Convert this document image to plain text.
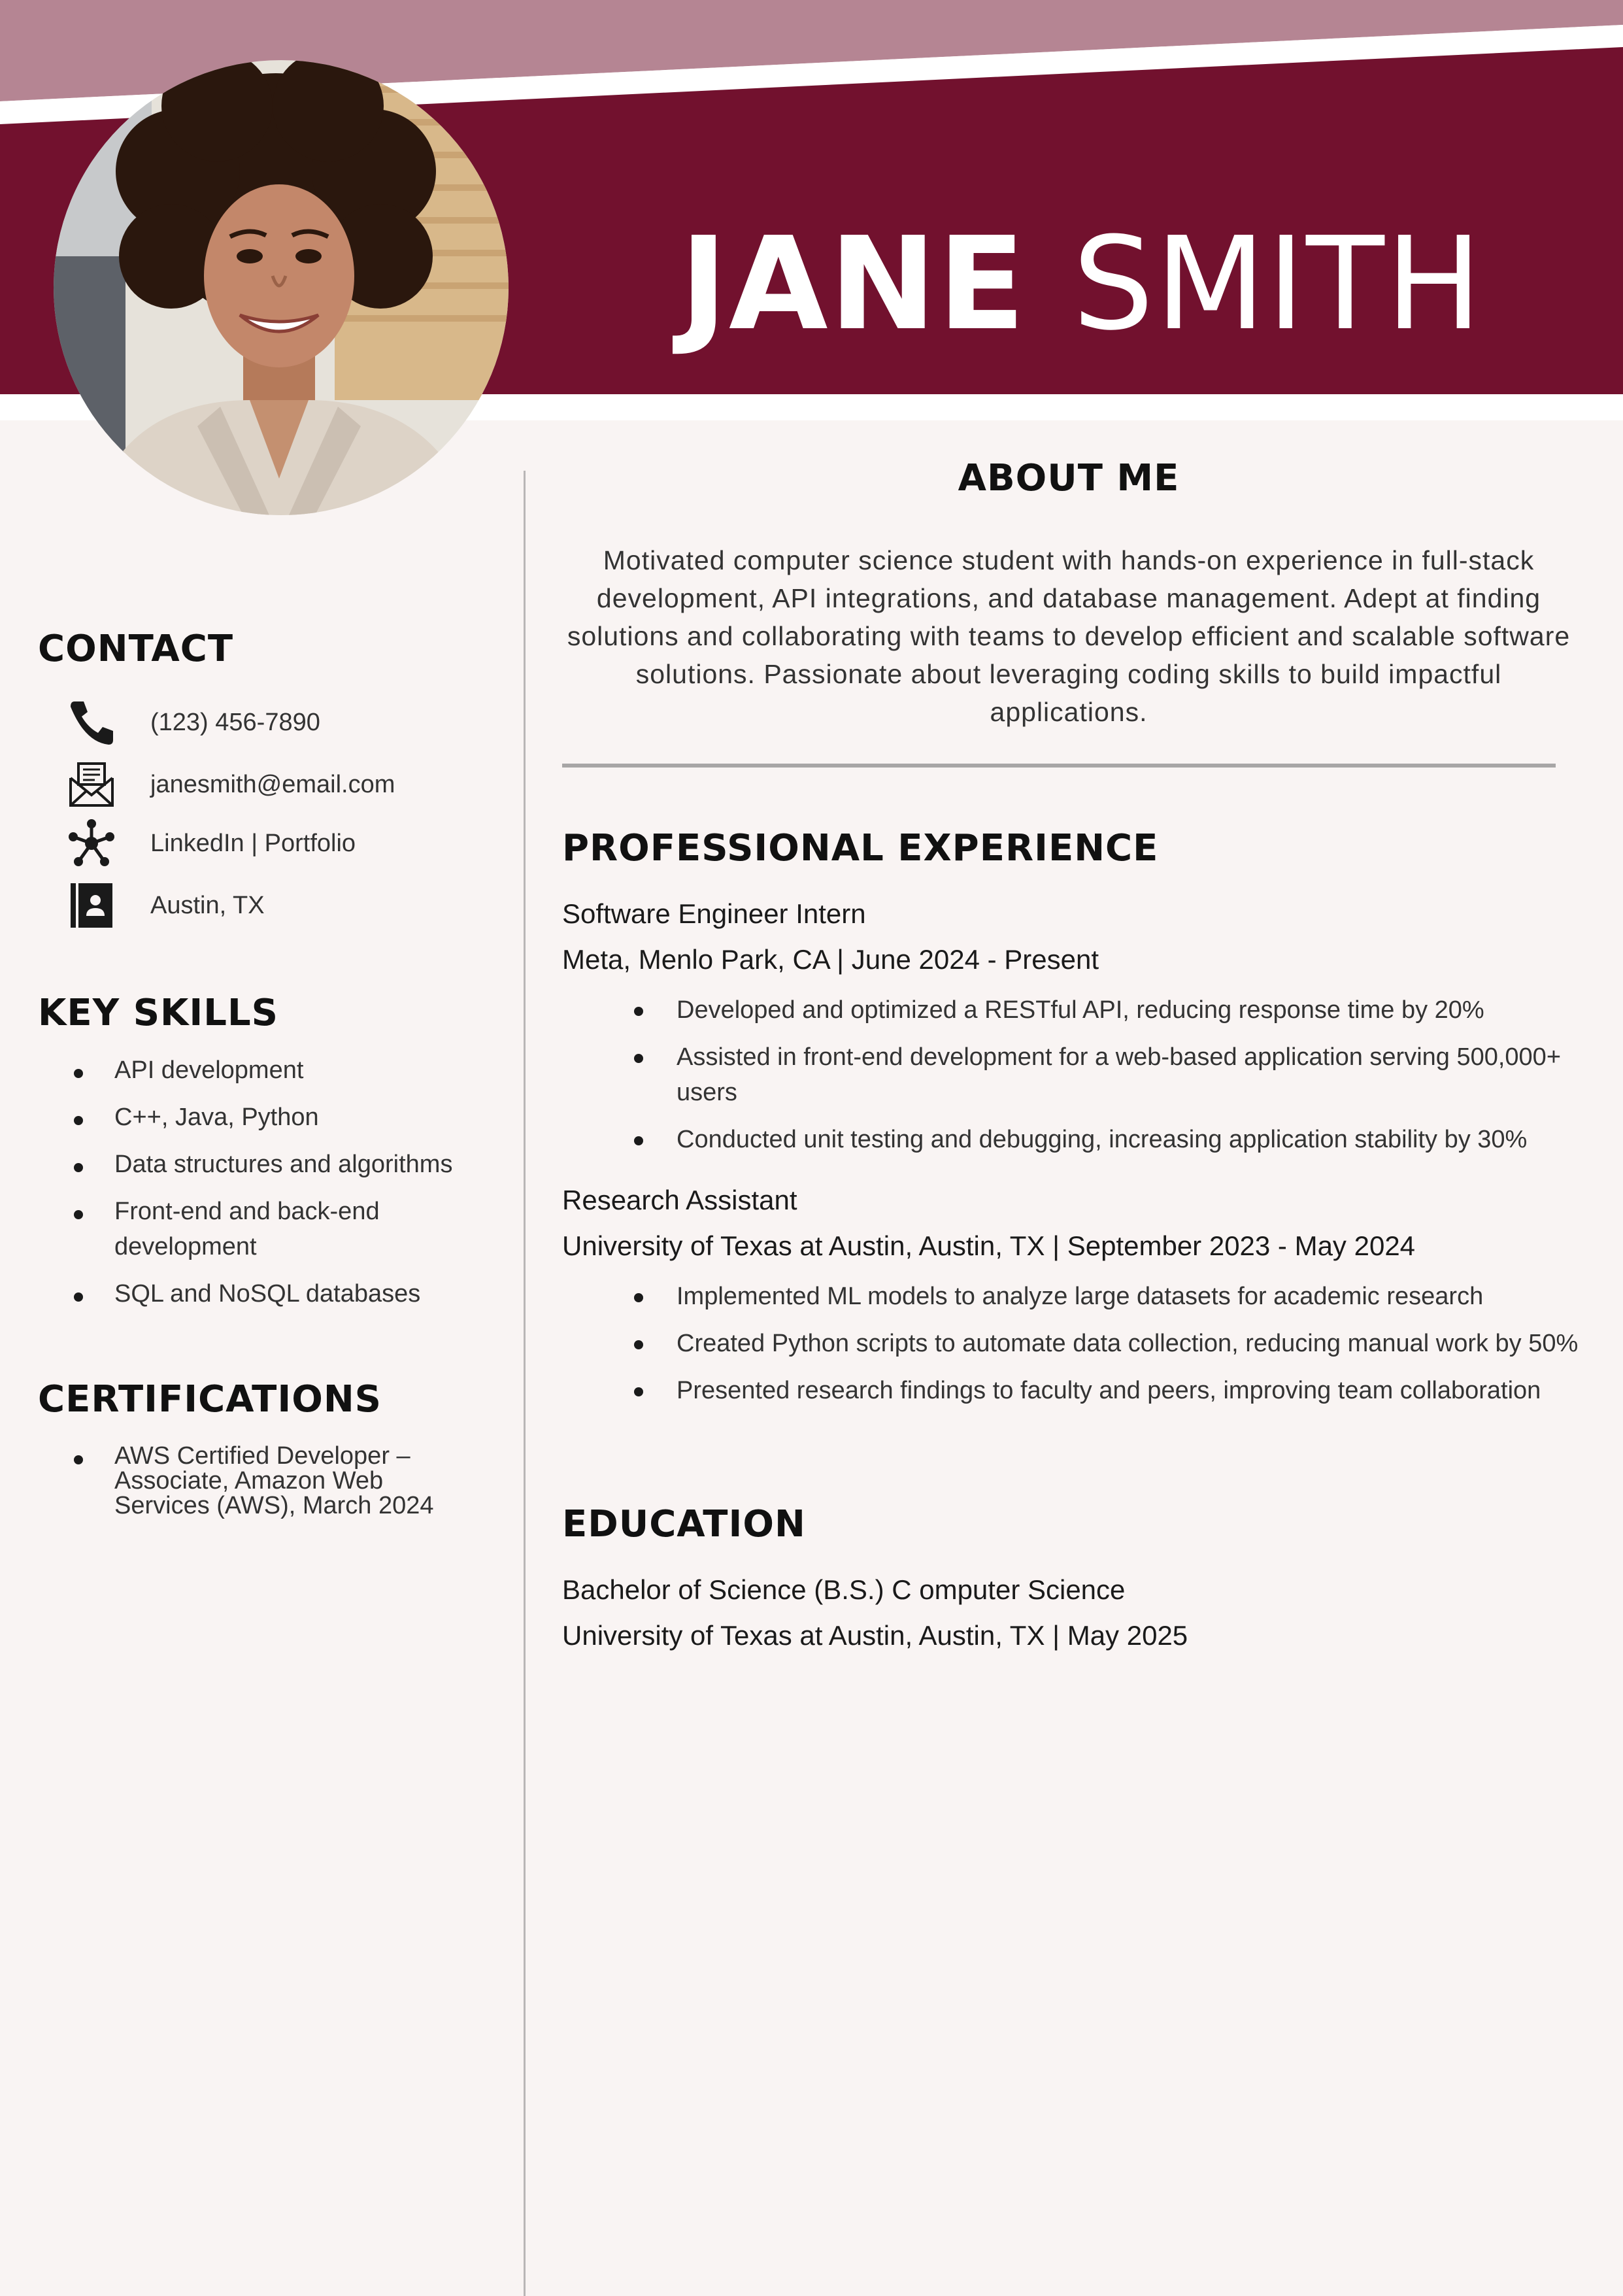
JANE SMITH
CONTACT
(123) 456-7890
janesmith@email.com
LinkedIn | Portfolio
Austin, TX
KEY SKILLS
API development
C++, Java, Python
Data structures and algorithms
Front-end and back-end development
SQL and NoSQL databases
CERTIFICATIONS
AWS Certified Developer – Associate, Amazon Web Services (AWS), March 2024
ABOUT ME

Motivated computer science student with hands-on experience in full-stack development, API integrations, and database management. Adept at finding solutions and collaborating with teams to develop efficient and scalable software solutions. Passionate about leveraging coding skills to build impactful applications.

PROFESSIONAL EXPERIENCE

Software Engineer Intern

Meta, Menlo Park, CA | June 2024 - Present

Developed and optimized a RESTful API, reducing response time by 20%
Assisted in front-end development for a web-based application serving 500,000+ users
Conducted unit testing and debugging, increasing application stability by 30%

Research Assistant

University of Texas at Austin, Austin, TX | September 2023 - May 2024

Implemented ML models to analyze large datasets for academic research
Created Python scripts to automate data collection, reducing manual work by 50%
Presented research findings to faculty and peers, improving team collaboration
EDUCATION

Bachelor of Science (B.S.) C omputer Science

University of Texas at Austin, Austin, TX | May 2025
